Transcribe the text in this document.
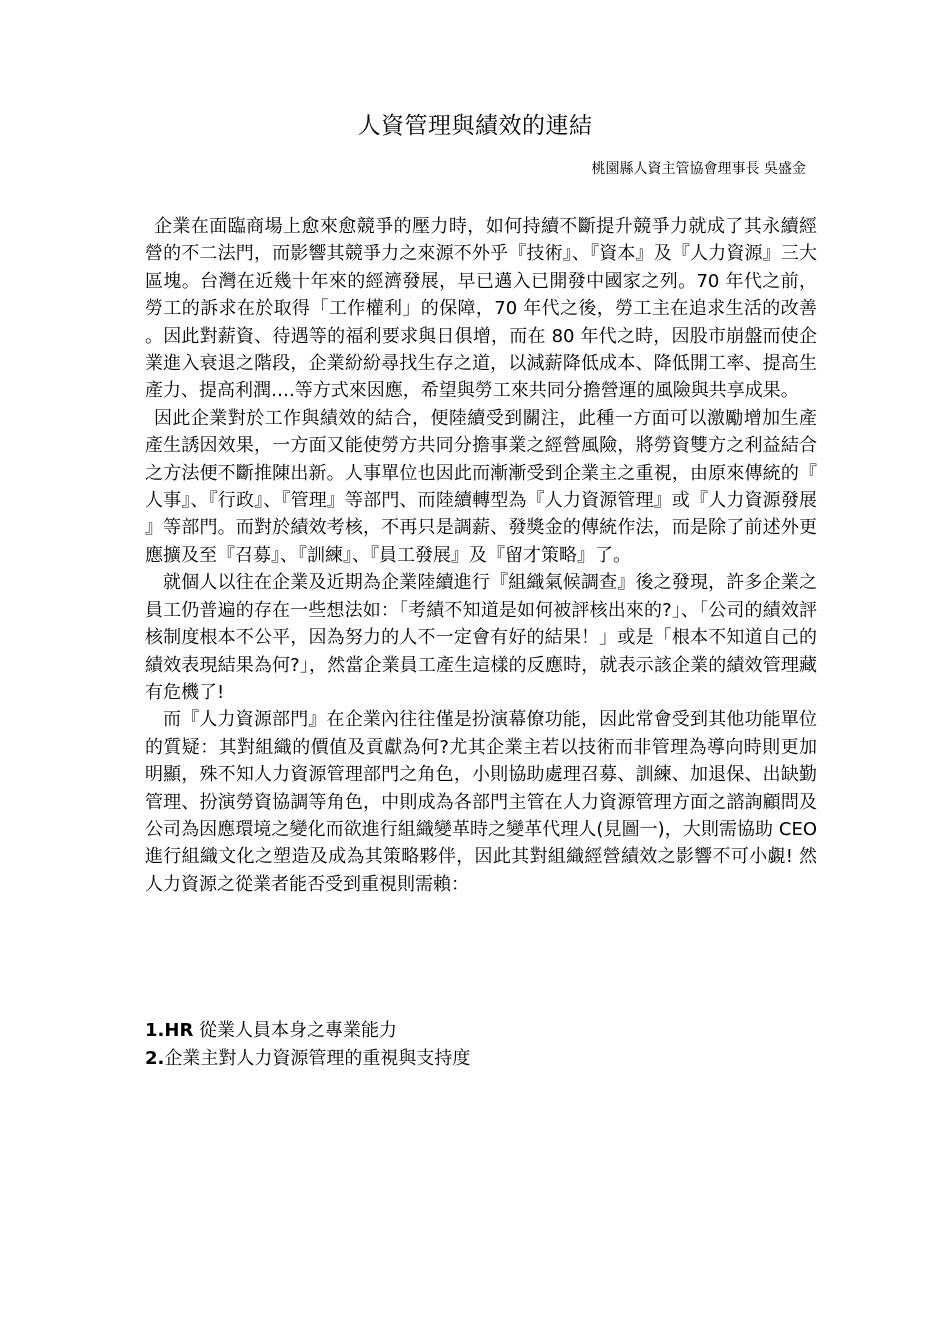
人資管理與績效的連結
桃園縣人資主管協會理事長 吳盛金

企業在面臨商場上愈來愈競爭的壓力時，如何持續不斷提升競爭力就成了其永續經營的不二法門，而影響其競爭力之來源不外乎『技術』、『資本』及『人力資源』三大區塊。台灣在近幾十年來的經濟發展，早已邁入已開發中國家之列。70 年代之前，勞工的訴求在於取得「工作權利」的保障，70 年代之後，勞工主在追求生活的改善。因此對薪資、待遇等的福利要求與日俱增，而在 80 年代之時，因股市崩盤而使企業進入衰退之階段，企業紛紛尋找生存之道，以減薪降低成本、降低開工率、提高生產力、提高利潤….等方式來因應，希望與勞工來共同分擔營運的風險與共享成果。

因此企業對於工作與績效的結合，便陸續受到關注，此種一方面可以激勵增加生產產生誘因效果，一方面又能使勞方共同分擔事業之經營風險，將勞資雙方之利益結合之方法便不斷推陳出新。人事單位也因此而漸漸受到企業主之重視，由原來傳統的『人事』、『行政』、『管理』等部門、而陸續轉型為『人力資源管理』或『人力資源發展』等部門。而對於績效考核，不再只是調薪、發獎金的傳統作法，而是除了前述外更應擴及至『召募』、『訓練』、『員工發展』及『留才策略』了。

就個人以往在企業及近期為企業陸續進行『組織氣候調查』後之發現，許多企業之員工仍普遍的存在一些想法如：「考績不知道是如何被評核出來的?」、「公司的績效評核制度根本不公平，因為努力的人不一定會有好的結果！」或是「根本不知道自己的績效表現結果為何?」，然當企業員工產生這樣的反應時，就表示該企業的績效管理藏有危機了!

而『人力資源部門』在企業內往往僅是扮演幕僚功能，因此常會受到其他功能單位的質疑：其對組織的價值及貢獻為何?尤其企業主若以技術而非管理為導向時則更加明顯，殊不知人力資源管理部門之角色，小則協助處理召募、訓練、加退保、出缺勤管理、扮演勞資協調等角色，中則成為各部門主管在人力資源管理方面之諮詢顧問及公司為因應環境之變化而欲進行組織變革時之變革代理人(見圖一)，大則需協助 CEO 進行組織文化之塑造及成為其策略夥伴，因此其對組織經營績效之影響不可小覷! 然人力資源之從業者能否受到重視則需賴：

1.HR 從業人員本身之專業能力
2.企業主對人力資源管理的重視與支持度
